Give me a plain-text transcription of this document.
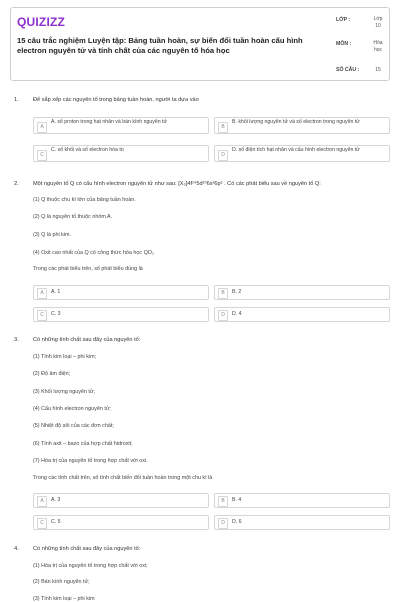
QUIZIZZ
15 câu trắc nghiệm Luyện tập: Bảng tuần hoàn, sự biến đổi tuần hoàn cấu hình electron nguyên tử và tính chất của các nguyên tố hóa học
LỚP :	Lớp
10
MÔN :	Hóa
học
SỐ CÂU :	15
1.	Để sắp xếp các nguyên tố trong bảng tuần hoàn, người ta dựa vào
A
A. số proton trong hạt nhân và bán kính nguyên tử
B
B. khối lượng nguyên tử và số electron trong nguyên tử
C
C. số khối và số electron hóa trị
D
D. số điện tích hạt nhân và cấu hình electron nguyên tử
2.	Một nguyên tố Q có cấu hình electron nguyên tử như sau: [X₀]4f¹⁴5d¹⁰6s²6p² . Có các phát biểu sau về nguyên tố Q:
(1) Q thuộc chu kì lớn của bảng tuần hoàn.
(2) Q là nguyên tố thuộc nhóm A.
(3) Q là phi kim.
(4) Oxit cao nhất của Q có công thức hóa học QO₂
Trong các phát biểu trên, số phát biểu đúng là
A	A. 1	B	B. 2
C	C. 3	D	D. 4
3.	Có những tính chất sau đây của nguyên tố:
(1) Tính kim loại – phi kim;
(2) Độ âm điện;
(3) Khối lượng nguyên tử;
(4) Cấu hình electron nguyên tử;
(5) Nhiệt độ sôi của các đơn chất;
(6) Tính axit – bazo của hợp chất hidroxit;
(7) Hóa trị của nguyên tố trong hợp chất với oxi.
Trong các tính chất trên, số tính chất biến đổi tuần hoàn trong một chu kì là
A	A. 3	B	B. 4
C	C. 5	D	D. 6
4.	Có những tính chất sau đây của nguyên tố:
(1) Hóa trị của nguyên tố trong hợp chất với oxi;
(2) Bán kính nguyên tử;
(3) Tính kim loại – phi kim
